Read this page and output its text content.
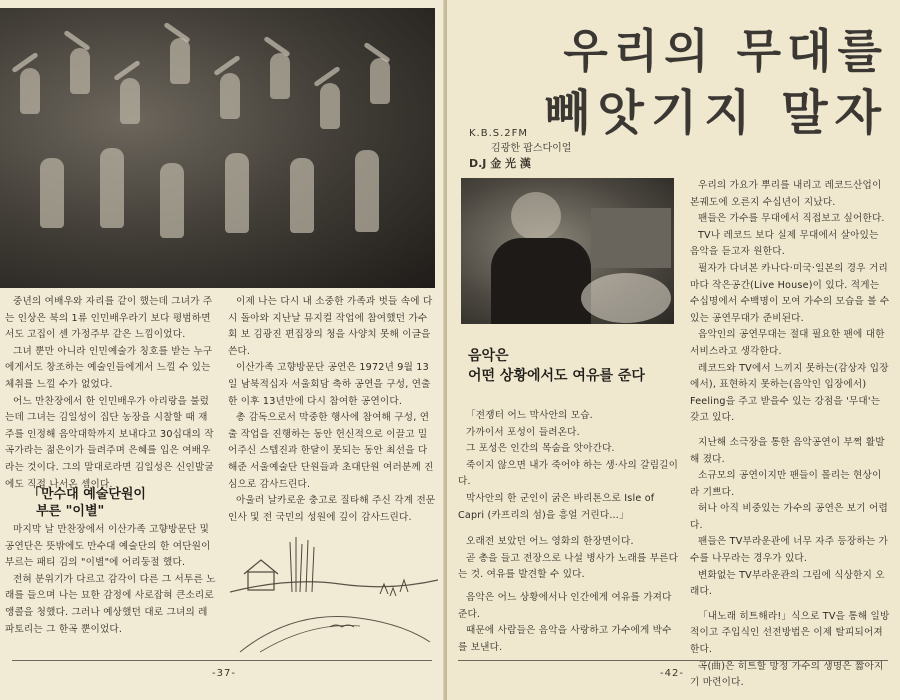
중년의 여배우와 자리를 같이 했는데 그녀가 주는 인상은 북의 1류 인민배우라기 보다 평범하면서도 고집이 센 가정주부 같은 느낌이었다.

그녀 뿐만 아니라 인민예술가 칭호를 받는 누구에게서도 창조하는 예술인들에게서 느낄 수 있는 체취를 느낄 수가 없었다.

어느 만찬장에서 한 인민배우가 아리랑을 불렀는데 그녀는 김일성이 집단 농장을 시찰할 때 재주를 인정해 음악대학까지 보내다고 30십대의 작곡가라는 젊은이가 들려주며 은혜를 입은 여배우라는 것이다. 그의 말대로라면 김일성은 신인발굴에도 직접 나서온 셈이다.

「만수대 예술단원이
부른 "이별"

마지막 날 만찬장에서 이산가족 고향방문단 및 공연단은 뜻밖에도 만수대 예술단의 한 여단원이 부르는 패티 김의 "이별"에 어리둥절 했다.

전혀 분위기가 다르고 감각이 다른 그 서투른 노래를 들으며 나는 묘한 감정에 사로잡혀 큰소리로 앵콜을 청했다. 그러나 예상했던 대로 그녀의 레파토리는 그 한곡 뿐이었다.

이제 나는 다시 내 소중한 가족과 벗들 속에 다시 돌아와 지난날 뮤지컬 작업에 참여했던 가수회 보 김광진 편집장의 청을 사양치 못해 이글을 쓴다.

이산가족 고향방문단 공연은 1972년 9월 13일 남북적십자 서울회담 축하 공연을 구성, 연출한 이후 13년만에 다시 참여한 공연이다.

총 감독으로서 막중한 행사에 참여해 구성, 연출 작업을 진행하는 동안 헌신적으로 이끌고 밀어주신 스텝진과 한달이 못되는 동안 최선을 다해준 서울예술단 단원들과 초대단원 여러분께 진심으로 감사드린다.

아울러 날카로운 충고로 질타해 주신 각계 전문인사 및 전 국민의 성원에 깊이 감사드린다.

-37-
우리의 무대를
빼앗기지 말자
K.B.S.2FM
김광한 팝스다이얼
D.J 金 光 漢
음악은
어떤 상황에서도 여유를 준다

「전쟁터 어느 막사안의 모습.

가까이서 포성이 들려온다.

그 포성은 인간의 목숨을 앗아간다.

죽이지 않으면 내가 죽어야 하는 생·사의 갈림길이다.

막사안의 한 군인이 굵은 바리톤으로 Isle of Capri (카프리의 섬)을 흥얼 거린다…」

오래전 보았던 어느 영화의 한장면이다.

곧 총을 들고 전장으로 나설 병사가 노래를 부른다는 것. 여유를 발견할 수 있다.

음악은 어느 상황에서나 인간에게 여유를 가져다 준다.

때문에 사람들은 음악을 사랑하고 가수에게 박수를 보낸다.

우리의 가요가 뿌리를 내리고 레코드산업이 본궤도에 오른지 수십년이 지났다.

팬들은 가수를 무대에서 직접보고 싶어한다.

TV나 레코드 보다 실제 무대에서 살아있는 음악을 듣고자 원한다.

필자가 다녀본 카나다·미국·일본의 경우 거리마다 작은공간(Live House)이 있다. 적게는 수십명에서 수백명이 모여 가수의 모습을 볼 수 있는 공연무대가 준비된다.

음악인의 공연무대는 절대 필요한 팬에 대한 서비스라고 생각한다.

레코드와 TV에서 느끼지 못하는(감상자 입장에서), 표현하지 못하는(음악인 입장에서) Feeling을 주고 받을수 있는 강점을 '무대'는 갖고 있다.

지난해 소극장을 통한 음악공연이 부쩍 활발해 졌다.

소규모의 공연이지만 팬들이 몰리는 현상이라 기쁘다.

허나 아직 비중있는 가수의 공연은 보기 어렵다.

팬들은 TV부라운관에 너무 자주 등장하는 가수를 나무라는 경우가 있다.

변화없는 TV부라운관의 그림에 식상한지 오래다.

「내노래 히트해라!」식으로 TV을 통해 일방적이고 주입식인 선전방법은 이제 탈피되어져 한다.

곡(曲)은 히트할 망정 가수의 생명은 짧아지기 마련이다.

-42-
